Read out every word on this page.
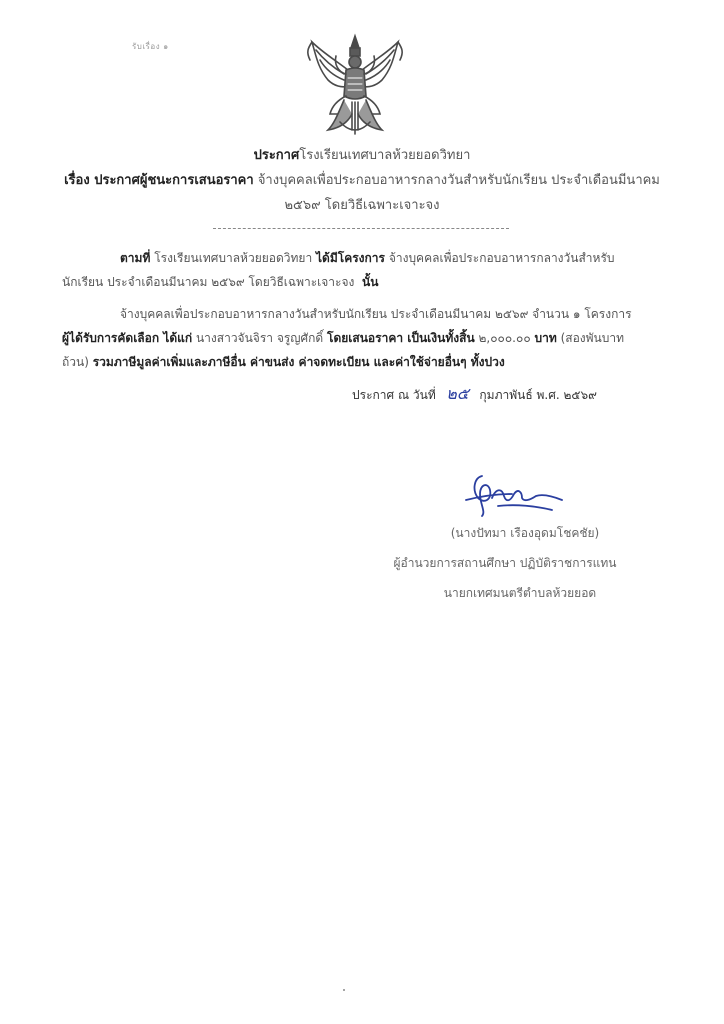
รับเรื่อง ๑
ประกาศโรงเรียนเทศบาลห้วยยอดวิทยา
เรื่อง ประกาศผู้ชนะการเสนอราคา จ้างบุคคลเพื่อประกอบอาหารกลางวันสำหรับนักเรียน ประจำเดือนมีนาคม
๒๕๖๙ โดยวิธีเฉพาะเจาะจง
ตามที่ โรงเรียนเทศบาลห้วยยอดวิทยา ได้มีโครงการ จ้างบุคคลเพื่อประกอบอาหารกลางวันสำหรับ
นักเรียน ประจำเดือนมีนาคม ๒๕๖๙ โดยวิธีเฉพาะเจาะจง นั้น
จ้างบุคคลเพื่อประกอบอาหารกลางวันสำหรับนักเรียน ประจำเดือนมีนาคม ๒๕๖๙ จำนวน ๑ โครงการ
ผู้ได้รับการคัดเลือก ได้แก่ นางสาวจันจิรา จรูญศักดิ์ โดยเสนอราคา เป็นเงินทั้งสิ้น ๒,๐๐๐.๐๐ บาท (สองพันบาท
ถ้วน) รวมภาษีมูลค่าเพิ่มและภาษีอื่น ค่าขนส่ง ค่าจดทะเบียน และค่าใช้จ่ายอื่นๆ ทั้งปวง
ประกาศ ณ วันที่ ๒๕ กุมภาพันธ์ พ.ศ. ๒๕๖๙
(นางปัทมา เรืองอุดมโชคชัย)
ผู้อำนวยการสถานศึกษา ปฏิบัติราชการแทน
นายกเทศมนตรีตำบลห้วยยอด
